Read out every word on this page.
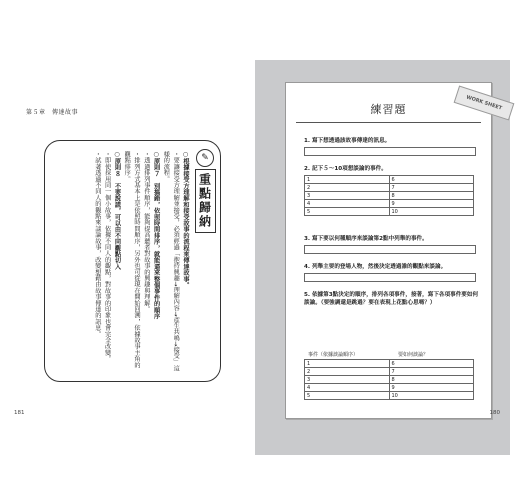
第５章　傳達故事
✎
重點歸納
○根據接受方理解和接受故事的流程來傳達故事。
・要讓接受方理解並接受，必須經過「抱持興趣→理解內容→產生共鳴→接受」這樣的流程。
○原則７　別搞錯，依照時間排序，就能逼來整個事件的順序
・透過排列事件順序，能夠提高聽者對故事的興趣與理解。
・排列方式基本上是依照時間順序，另外也可從現在開始回溯，依據故事主角的觀點排序。
○原則８　不要說謊，可以由不同觀點切入
・即使採用同一個小故事，依據不同人的觀點，對故事的印象也會完全改變。
・試著透過不同人的觀點來談論故事，改變想藉由故事傳達的訊息。
181
練習題
1. 寫下想透過該故事傳達的訊息。
2. 記下５～10項想談論的事件。
1	6
2	7
3	8
4	9
5	10
3. 寫下要以何種順序來談論第2點中列舉的事件。
4. 列舉主要的登場人物，然後決定透過誰的觀點來談論。
5. 依據第3點決定的順序，排列各項事件，接著，寫下各項事件要如何談論。（要強調還是跳過？要在表現上花點心思嗎？）
事件（依據談論順序）	要如何談論？
1	6
2	7
3	8
4	9
5	10
WORK SHEET
180
